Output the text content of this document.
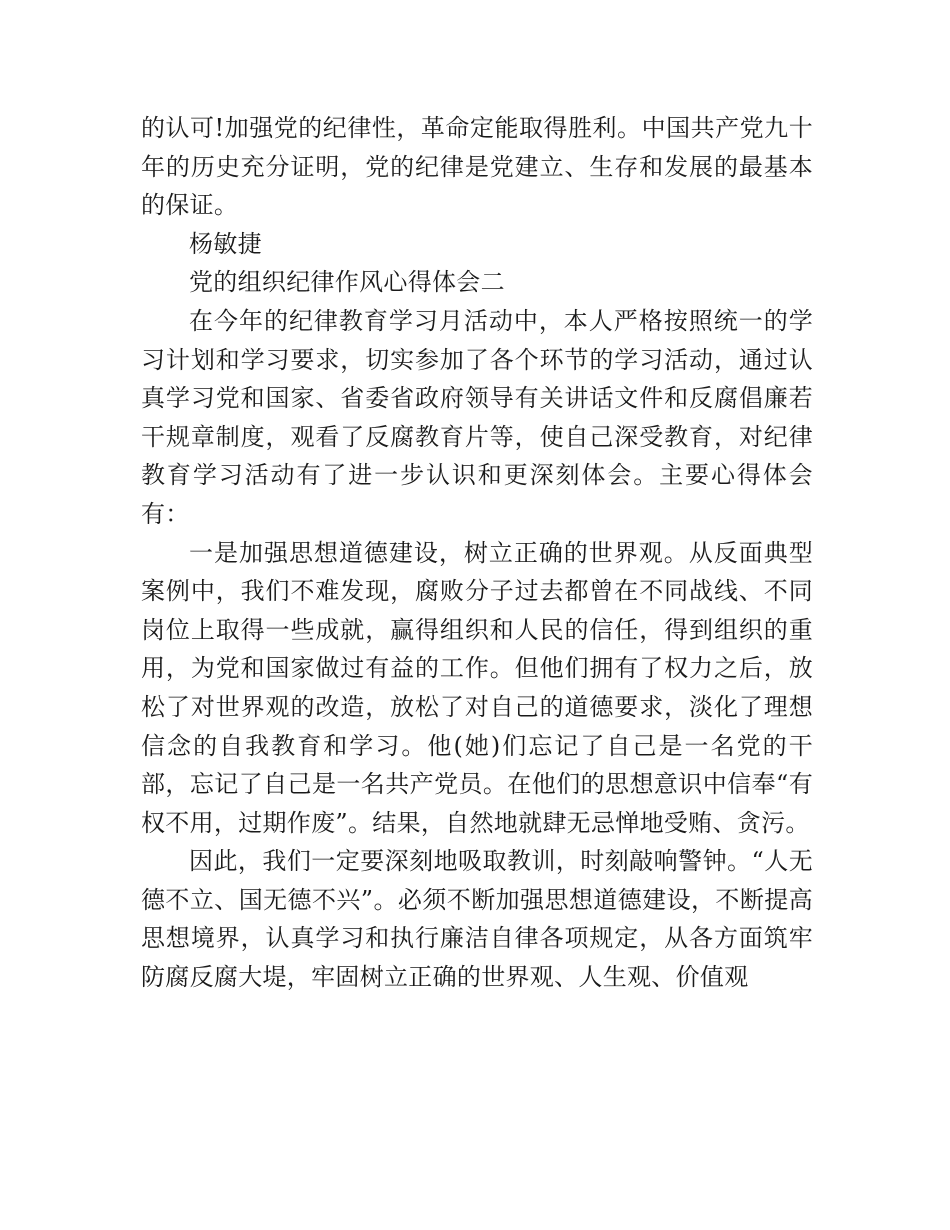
的认可!加强党的纪律性，革命定能取得胜利。中国共产党九十年的历史充分证明，党的纪律是党建立、生存和发展的最基本的保证。

杨敏捷

党的组织纪律作风心得体会二

在今年的纪律教育学习月活动中，本人严格按照统一的学习计划和学习要求，切实参加了各个环节的学习活动，通过认真学习党和国家、省委省政府领导有关讲话文件和反腐倡廉若干规章制度，观看了反腐教育片等，使自己深受教育，对纪律教育学习活动有了进一步认识和更深刻体会。主要心得体会有：

一是加强思想道德建设，树立正确的世界观。从反面典型案例中，我们不难发现，腐败分子过去都曾在不同战线、不同岗位上取得一些成就，赢得组织和人民的信任，得到组织的重用，为党和国家做过有益的工作。但他们拥有了权力之后，放松了对世界观的改造，放松了对自己的道德要求，淡化了理想信念的自我教育和学习。他(她)们忘记了自己是一名党的干部，忘记了自己是一名共产党员。在他们的思想意识中信奉“有权不用，过期作废”。结果，自然地就肆无忌惮地受贿、贪污。

因此，我们一定要深刻地吸取教训，时刻敲响警钟。“人无德不立、国无德不兴”。必须不断加强思想道德建设，不断提高思想境界，认真学习和执行廉洁自律各项规定，从各方面筑牢防腐反腐大堤，牢固树立正确的世界观、人生观、价值观
